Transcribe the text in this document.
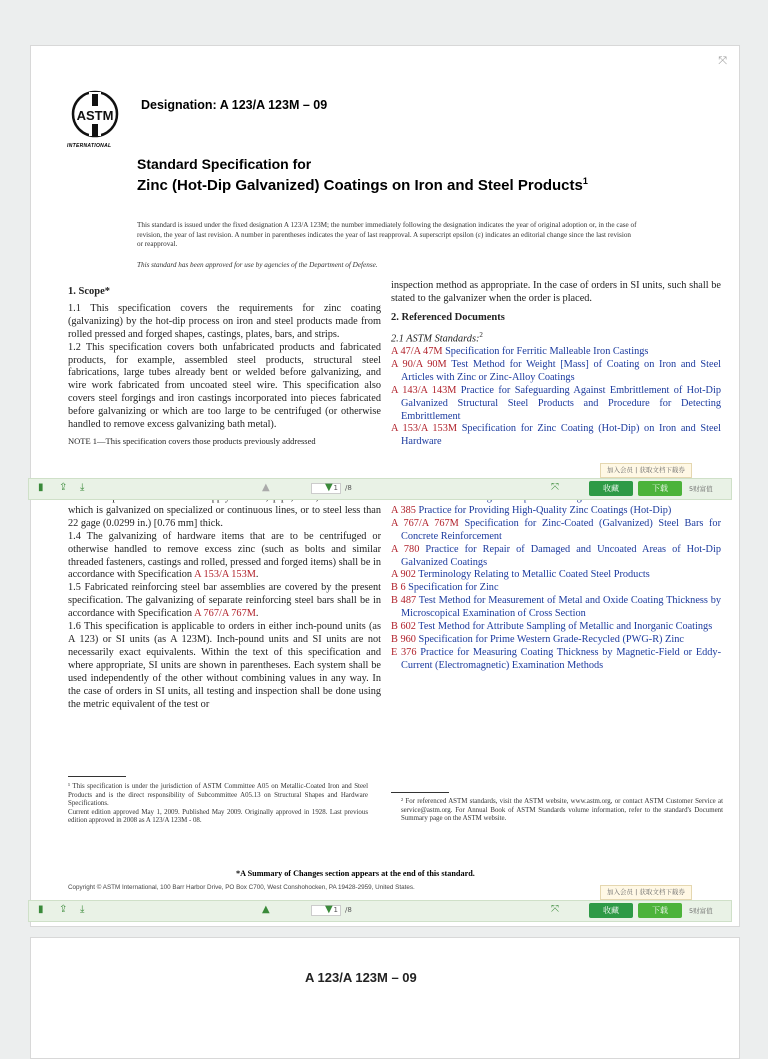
⤧
ASTM
INTERNATIONAL
Designation: A 123/A 123M – 09
Standard Specification for
Zinc (Hot-Dip Galvanized) Coatings on Iron and Steel Products$^1$
This standard is issued under the fixed designation A 123/A 123M; the number immediately following the designation indicates the year of original adoption or, in the case of revision, the year of last revision. A number in parentheses indicates the year of last reapproval. A superscript epsilon (ε) indicates an editorial change since the last revision or reapproval.
This standard has been approved for use by agencies of the Department of Defense.
1. Scope*

1.1 This specification covers the requirements for zinc coating (galvanizing) by the hot-dip process on iron and steel products made from rolled pressed and forged shapes, castings, plates, bars, and strips.

1.2 This specification covers both unfabricated products and fabricated products, for example, assembled steel products, structural steel fabrications, large tubes already bent or welded before galvanizing, and wire work fabricated from uncoated steel wire. This specification also covers steel forgings and iron castings incorporated into pieces fabricated before galvanizing or which are too large to be centrifuged (or otherwise handled to remove excess galvanizing bath metal).

NOTE 1—This specification covers those products previously addressed

which is galvanized on specialized or continuous lines, or to steel less than 22 gage (0.0299 in.) [0.76 mm] thick.

1.4 The galvanizing of hardware items that are to be centrifuged or otherwise handled to remove excess zinc (such as bolts and similar threaded fasteners, castings and rolled, pressed and forged items) shall be in accordance with Specification A 153/A 153M.

1.5 Fabricated reinforcing steel bar assemblies are covered by the present specification. The galvanizing of separate reinforcing steel bars shall be in accordance with Specification A 767/A 767M.

1.6 This specification is applicable to orders in either inch-pound units (as A 123) or SI units (as A 123M). Inch-pound units and SI units are not necessarily exact equivalents. Within the text of this specification and where appropriate, SI units are shown in parentheses. Each system shall be used independently of the other without combining values in any way. In the case of orders in SI units, all testing and inspection shall be done using the metric equivalent of the test or

¹ This specification is under the jurisdiction of ASTM Committee A05 on Metallic-Coated Iron and Steel Products and is the direct responsibility of Subcommittee A05.13 on Structural Shapes and Hardware Specifications.

Current edition approved May 1, 2009. Published May 2009. Originally approved in 1928. Last previous edition approved in 2008 as A 123/A 123M - 08.

inspection method as appropriate. In the case of orders in SI units, such shall be stated to the galvanizer when the order is placed.

2. Referenced Documents

2.1 ASTM Standards:$^2$

A 47/A 47M Specification for Ferritic Malleable Iron Castings

A 90/A 90M Test Method for Weight [Mass] of Coating on Iron and Steel Articles with Zinc or Zinc-Alloy Coatings

A 143/A 143M Practice for Safeguarding Against Embrittlement of Hot-Dip Galvanized Structural Steel Products and Procedure for Detecting Embrittlement

A 153/A 153M Specification for Zinc Coating (Hot-Dip) on Iron and Steel Hardware

A 385 Practice for Providing High-Quality Zinc Coatings (Hot-Dip)

A 767/A 767M Specification for Zinc-Coated (Galvanized) Steel Bars for Concrete Reinforcement

A 780 Practice for Repair of Damaged and Uncoated Areas of Hot-Dip Galvanized Coatings

A 902 Terminology Relating to Metallic Coated Steel Products

B 6 Specification for Zinc

B 487 Test Method for Measurement of Metal and Oxide Coating Thickness by Microscopical Examination of Cross Section

B 602 Test Method for Attribute Sampling of Metallic and Inorganic Coatings

B 960 Specification for Prime Western Grade-Recycled (PWG-R) Zinc

E 376 Practice for Measuring Coating Thickness by Magnetic-Field or Eddy-Current (Electromagnetic) Examination Methods

² For referenced ASTM standards, visit the ASTM website, www.astm.org, or contact ASTM Customer Service at service@astm.org. For Annual Book of ASTM Standards volume information, refer to the standard's Document Summary page on the ASTM website.
*A Summary of Changes section appears at the end of this standard.
Copyright © ASTM International, 100 Barr Harbor Drive, PO Box C700, West Conshohocken, PA 19428-2959, United States.
A 123/A 123M – 09
加入会员 | 获取文档下载券
▮ ⇪ ⤓	▲	1	/8
▼	⤧	收藏	下载	5财富值
加入会员 | 获取文档下载券
▮ ⇪ ⤓	▲	1	/8
▼	⤧	收藏	下载	5财富值
